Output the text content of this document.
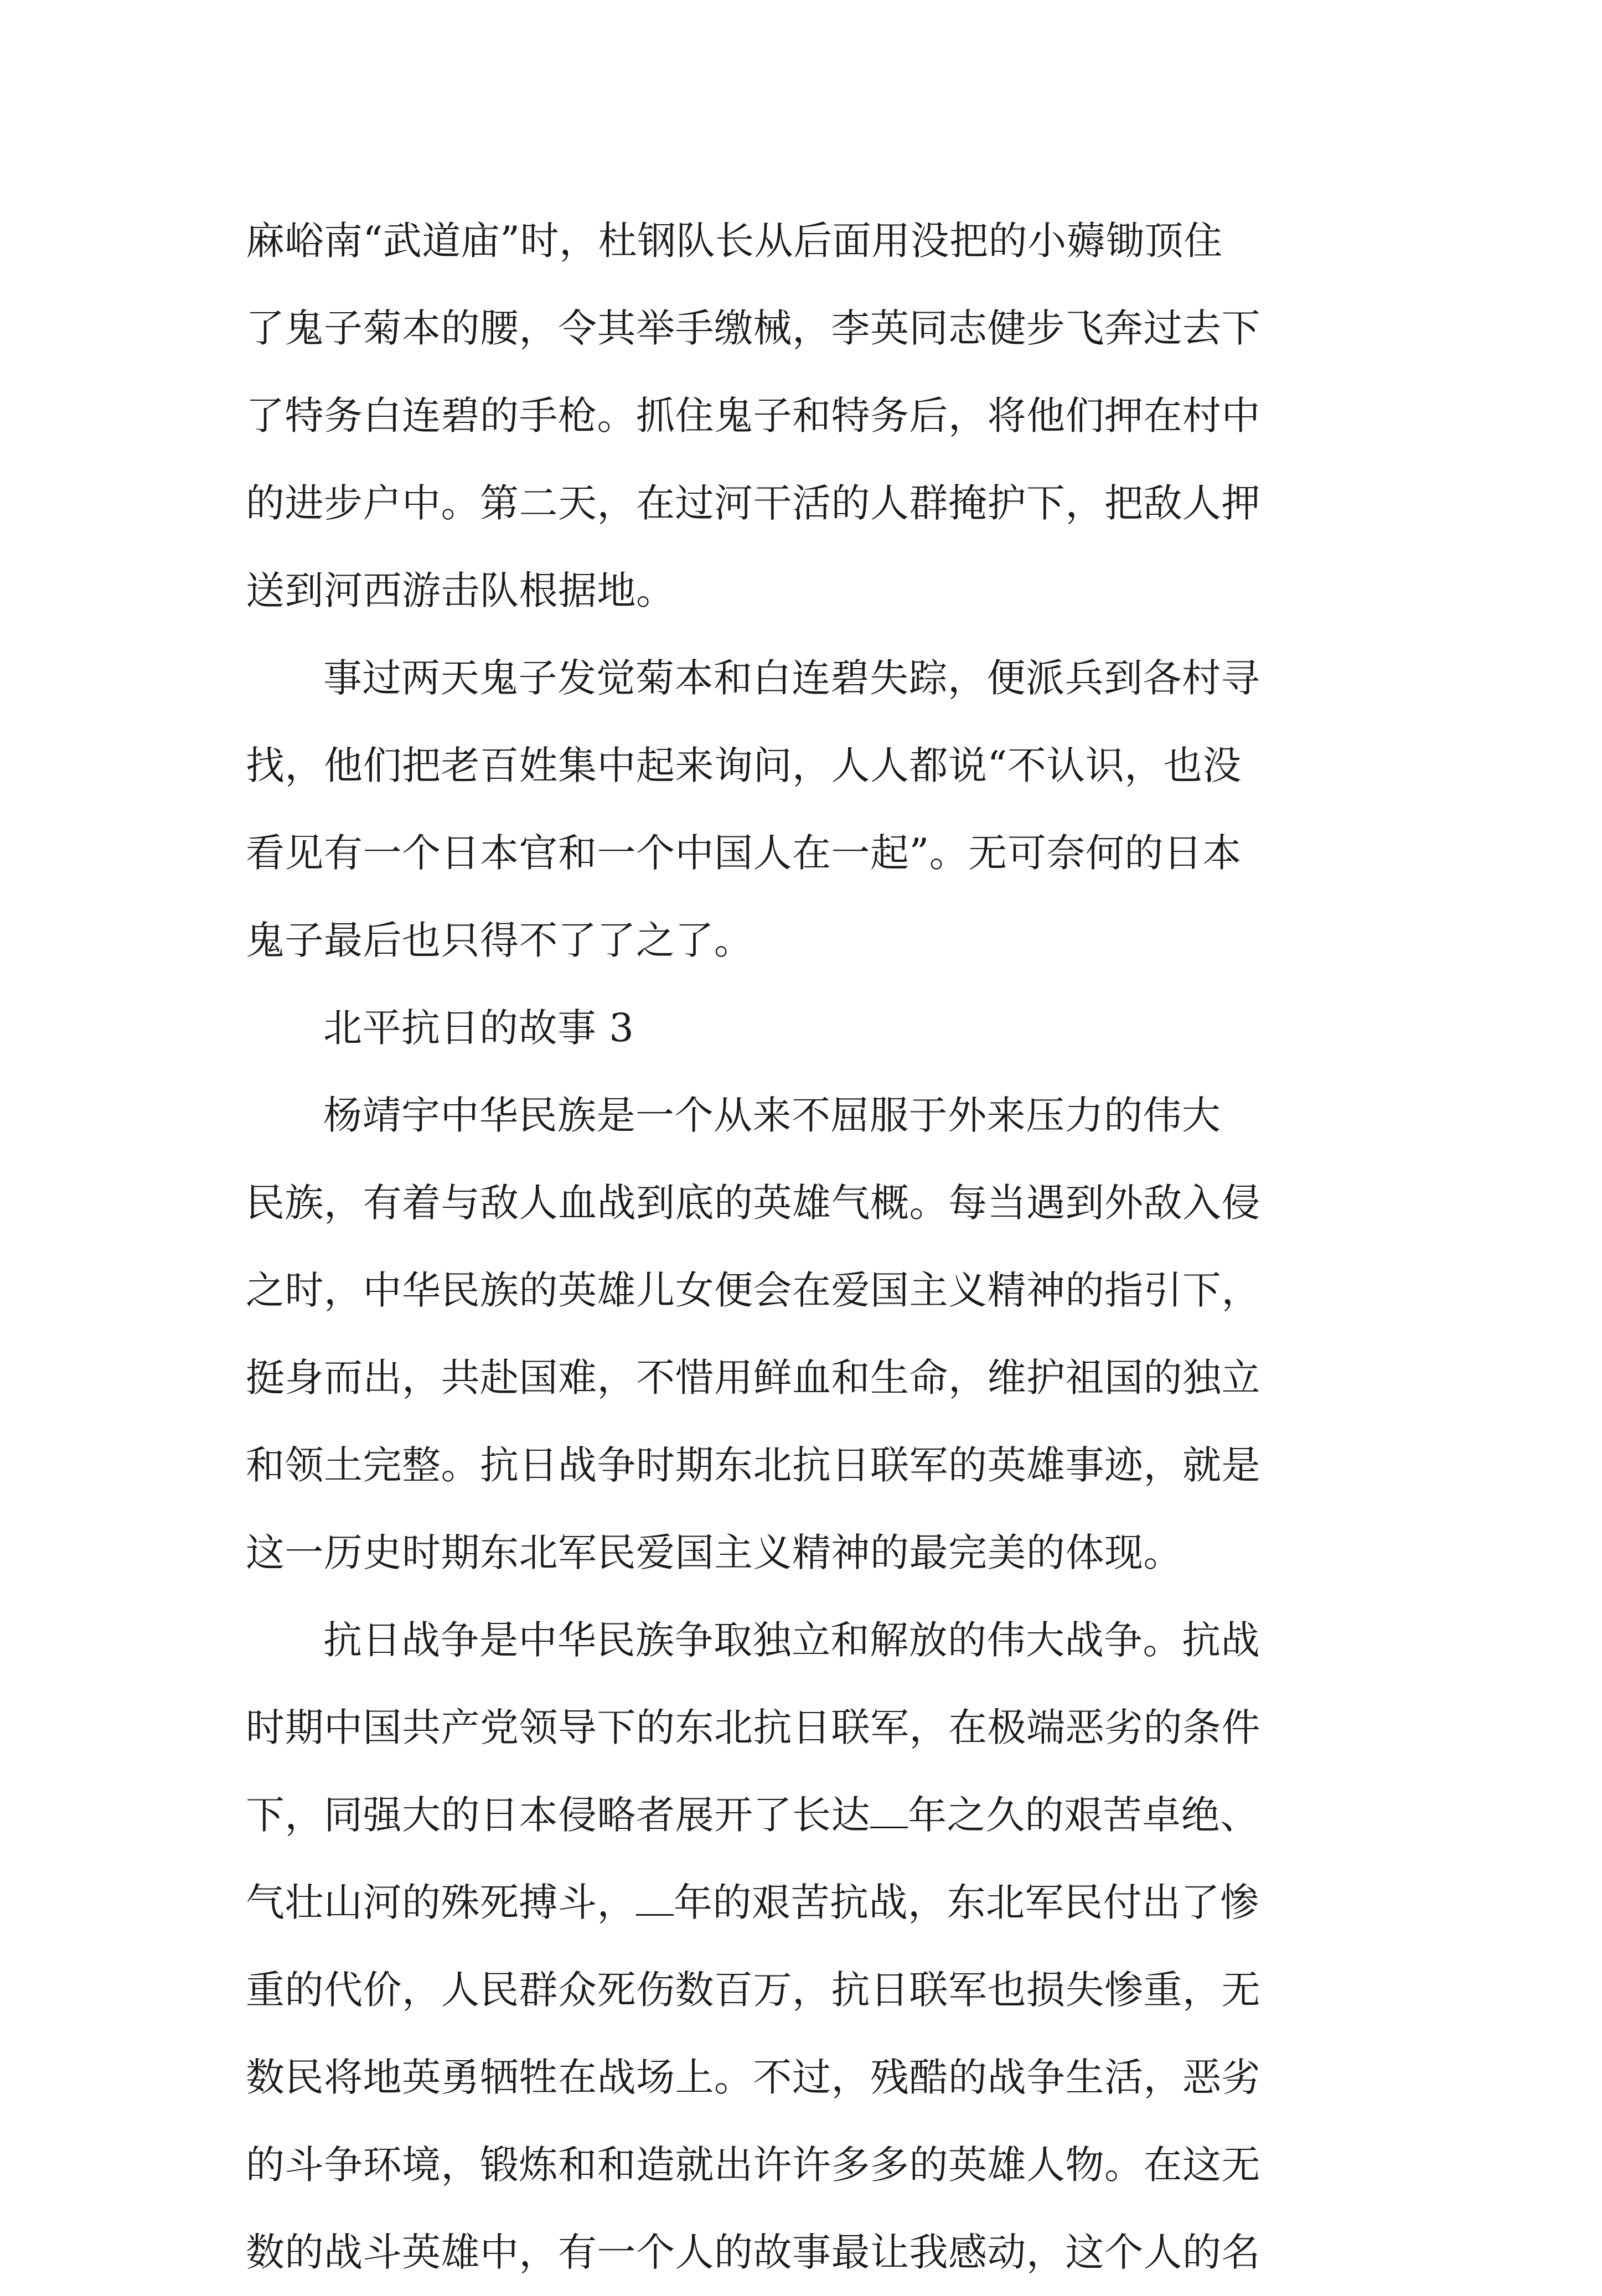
麻峪南“武道庙”时，杜钢队长从后面用没把的小薅锄顶住
了鬼子菊本的腰，令其举手缴械，李英同志健步飞奔过去下
了特务白连碧的手枪。抓住鬼子和特务后，将他们押在村中
的进步户中。第二天，在过河干活的人群掩护下，把敌人押
送到河西游击队根据地。
事过两天鬼子发觉菊本和白连碧失踪，便派兵到各村寻
找，他们把老百姓集中起来询问，人人都说“不认识，也没
看见有一个日本官和一个中国人在一起”。无可奈何的日本
鬼子最后也只得不了了之了。
北平抗日的故事 3
杨靖宇中华民族是一个从来不屈服于外来压力的伟大
民族，有着与敌人血战到底的英雄气概。每当遇到外敌入侵
之时，中华民族的英雄儿女便会在爱国主义精神的指引下，
挺身而出，共赴国难，不惜用鲜血和生命，维护祖国的独立
和领土完整。抗日战争时期东北抗日联军的英雄事迹，就是
这一历史时期东北军民爱国主义精神的最完美的体现。
抗日战争是中华民族争取独立和解放的伟大战争。抗战
时期中国共产党领导下的东北抗日联军，在极端恶劣的条件
下，同强大的日本侵略者展开了长达 年之久的艰苦卓绝、
气壮山河的殊死搏斗， 年的艰苦抗战，东北军民付出了惨
重的代价，人民群众死伤数百万，抗日联军也损失惨重，无
数民将地英勇牺牲在战场上。不过，残酷的战争生活，恶劣
的斗争环境，锻炼和和造就出许许多多的英雄人物。在这无
数的战斗英雄中，有一个人的故事最让我感动，这个人的名
